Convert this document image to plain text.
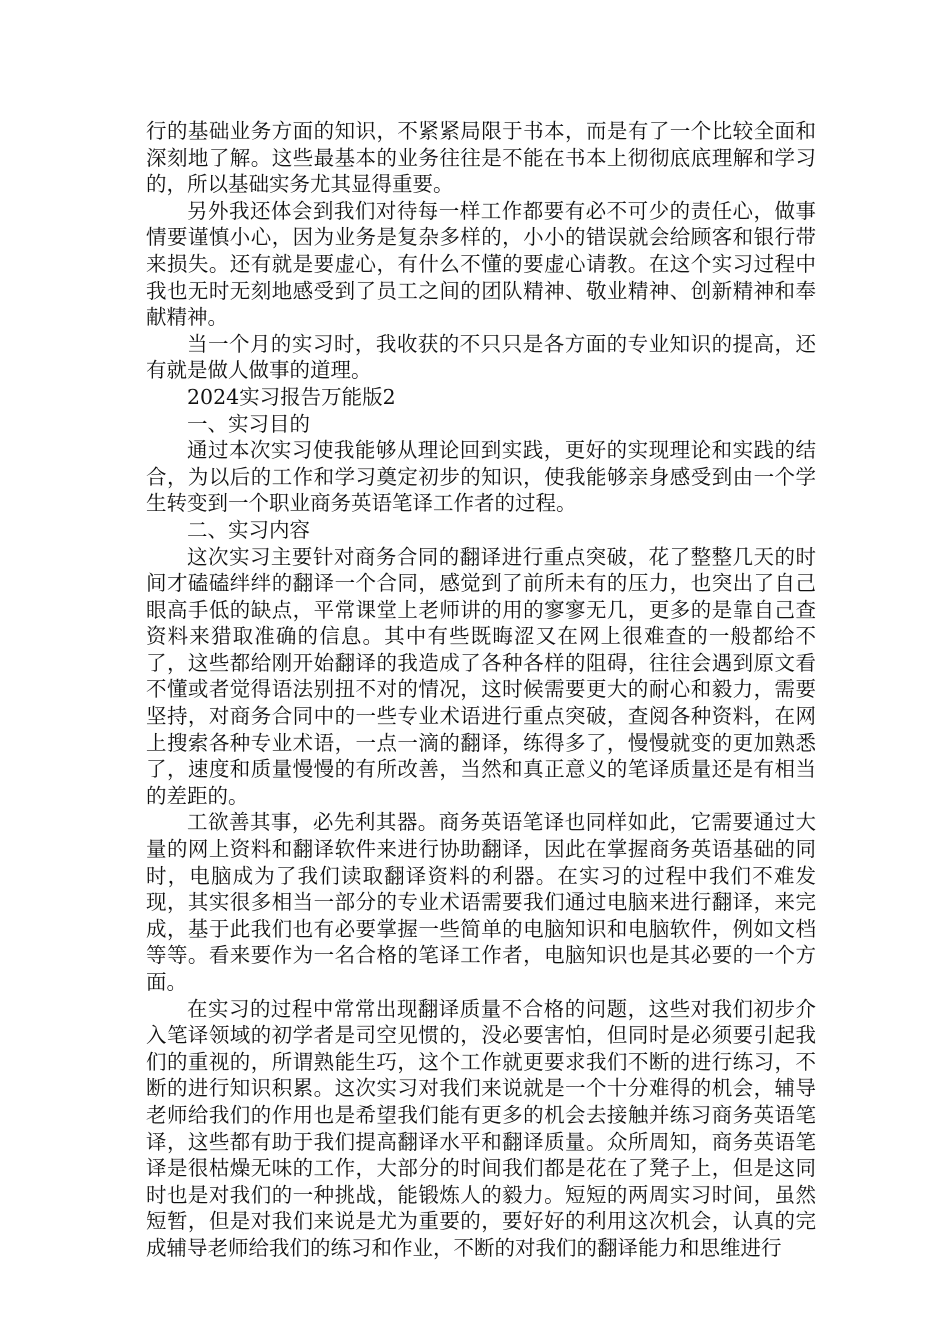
行的基础业务方面的知识，不紧紧局限于书本，而是有了一个比较全面和深刻地了解。这些最基本的业务往往是不能在书本上彻彻底底理解和学习的，所以基础实务尤其显得重要。

另外我还体会到我们对待每一样工作都要有必不可少的责任心，做事情要谨慎小心，因为业务是复杂多样的，小小的错误就会给顾客和银行带来损失。还有就是要虚心，有什么不懂的要虚心请教。在这个实习过程中我也无时无刻地感受到了员工之间的团队精神、敬业精神、创新精神和奉献精神。

当一个月的实习时，我收获的不只只是各方面的专业知识的提高，还有就是做人做事的道理。

2024实习报告万能版2

一、实习目的

通过本次实习使我能够从理论回到实践，更好的实现理论和实践的结合，为以后的工作和学习奠定初步的知识，使我能够亲身感受到由一个学生转变到一个职业商务英语笔译工作者的过程。

二、实习内容

这次实习主要针对商务合同的翻译进行重点突破，花了整整几天的时间才磕磕绊绊的翻译一个合同，感觉到了前所未有的压力，也突出了自己眼高手低的缺点，平常课堂上老师讲的用的寥寥无几，更多的是靠自己查资料来猎取准确的信息。其中有些既晦涩又在网上很难查的一般都给不了，这些都给刚开始翻译的我造成了各种各样的阻碍，往往会遇到原文看不懂或者觉得语法别扭不对的情况，这时候需要更大的耐心和毅力，需要坚持，对商务合同中的一些专业术语进行重点突破，查阅各种资料，在网上搜索各种专业术语，一点一滴的翻译，练得多了，慢慢就变的更加熟悉了，速度和质量慢慢的有所改善，当然和真正意义的笔译质量还是有相当的差距的。

工欲善其事，必先利其器。商务英语笔译也同样如此，它需要通过大量的网上资料和翻译软件来进行协助翻译，因此在掌握商务英语基础的同时，电脑成为了我们读取翻译资料的利器。在实习的过程中我们不难发现，其实很多相当一部分的专业术语需要我们通过电脑来进行翻译，来完成，基于此我们也有必要掌握一些简单的电脑知识和电脑软件，例如文档等等。看来要作为一名合格的笔译工作者，电脑知识也是其必要的一个方面。

在实习的过程中常常出现翻译质量不合格的问题，这些对我们初步介入笔译领域的初学者是司空见惯的，没必要害怕，但同时是必须要引起我们的重视的，所谓熟能生巧，这个工作就更要求我们不断的进行练习，不断的进行知识积累。这次实习对我们来说就是一个十分难得的机会，辅导老师给我们的作用也是希望我们能有更多的机会去接触并练习商务英语笔译，这些都有助于我们提高翻译水平和翻译质量。众所周知，商务英语笔译是很枯燥无味的工作，大部分的时间我们都是花在了凳子上，但是这同时也是对我们的一种挑战，能锻炼人的毅力。短短的两周实习时间，虽然短暂，但是对我们来说是尤为重要的，要好好的利用这次机会，认真的完成辅导老师给我们的练习和作业，不断的对我们的翻译能力和思维进行
